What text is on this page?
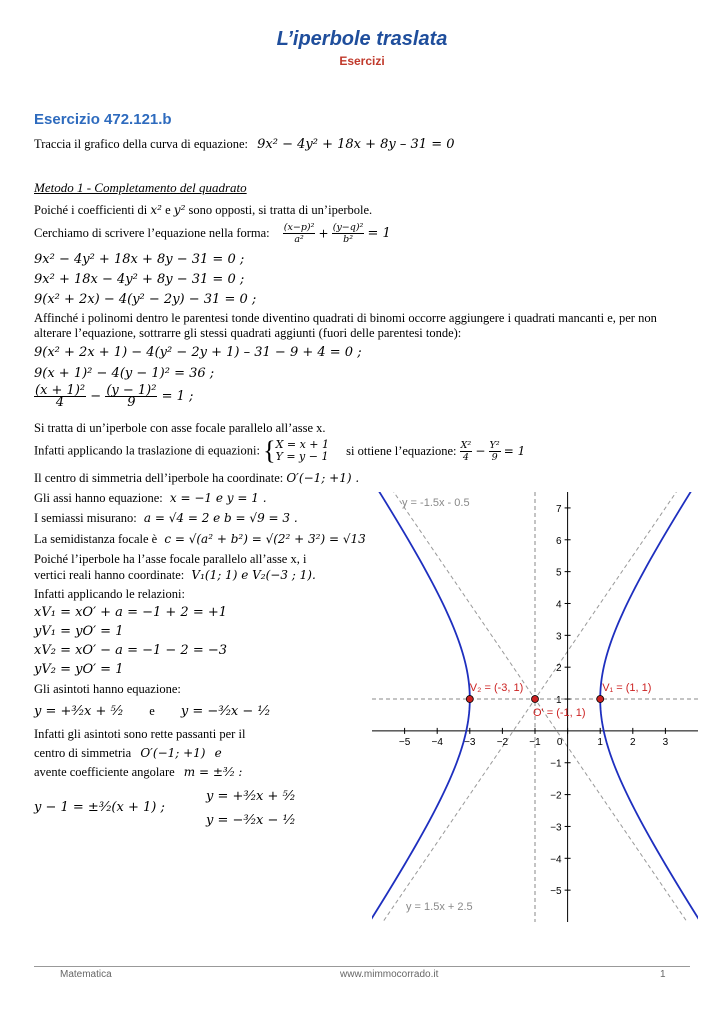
L’iperbole traslata
Esercizi
Esercizio 472.121.b
Traccia il grafico della curva di equazione: 9x² − 4y² + 18x + 8y – 31 = 0
Metodo 1 - Completamento del quadrato
Poiché i coefficienti di x² e y² sono opposti, si tratta di un’iperbole.
Cerchiamo di scrivere l’equazione nella forma: $\frac{\text{(x−p)²}}{\text{a²}} + \frac{\text{(y−q)²}}{\text{b²}} = 1$
9x² − 4y² + 18x + 8y − 31 = 0 ;
9x² + 18x − 4y² + 8y − 31 = 0 ;
9(x² + 2x) − 4(y² − 2y) − 31 = 0 ;
Affinché i polinomi dentro le parentesi tonde diventino quadrati di binomi occorre aggiungere i quadrati mancanti e, per non alterare l’equazione, sottrarre gli stessi quadrati aggiunti (fuori delle parentesi tonde):
9(x² + 2x + 1) − 4(y² − 2y + 1) – 31 − 9 + 4 = 0 ;
9(x + 1)² − 4(y − 1)² = 36 ;
$\frac{\text{(x + 1)²}}{4} - \frac{\text{(y − 1)²}}{9} = 1$ ;
Si tratta di un’iperbole con asse focale parallelo all’asse x.
Infatti applicando la traslazione di equazioni: { X = x + 1
Y = y − 1 si ottiene l’equazione: $\frac{\text{X²}}{4} - \frac{\text{Y²}}{9} = 1$
Il centro di simmetria dell’iperbole ha coordinate: O′(−1; +1) .
Gli assi hanno equazione: x = −1 e y = 1 .
I semiassi misurano: a = √4 = 2 e b = √9 = 3 .
La semidistanza focale è c = √(a² + b²) = √(2² + 3²) = √13
Poiché l’iperbole ha l’asse focale parallelo all’asse x, i
vertici reali hanno coordinate: V₁(1; 1) e V₂(−3 ; 1).
Infatti applicando le relazioni:
xV₁ = xO′ + a = −1 + 2 = +1
yV₁ = yO′ = 1
xV₂ = xO′ − a = −1 − 2 = −3
yV₂ = yO′ = 1
Gli asintoti hanno equazione:
y = +³⁄₂x + ⁵⁄₂ e y = −³⁄₂x − ¹⁄₂
Infatti gli asintoti sono rette passanti per il
centro di simmetria O′(−1; +1) e
avente coefficiente angolare m = ±³⁄₂ :
y − 1 = ±³⁄₂(x + 1) ;
y = +³⁄₂x + ⁵⁄₂
y = −³⁄₂x − ¹⁄₂
−5 −4 −3 −2 −1 0	1	2	3
−5
−4
−3
−2
−1
1
2
3
4
5
6
7
V₂ = (-3, 1)
O' = (-1, 1)
V₁ = (1, 1)
y = -1.5x - 0.5
y = 1.5x + 2.5
Matematica	www.mimmocorrado.it	1
